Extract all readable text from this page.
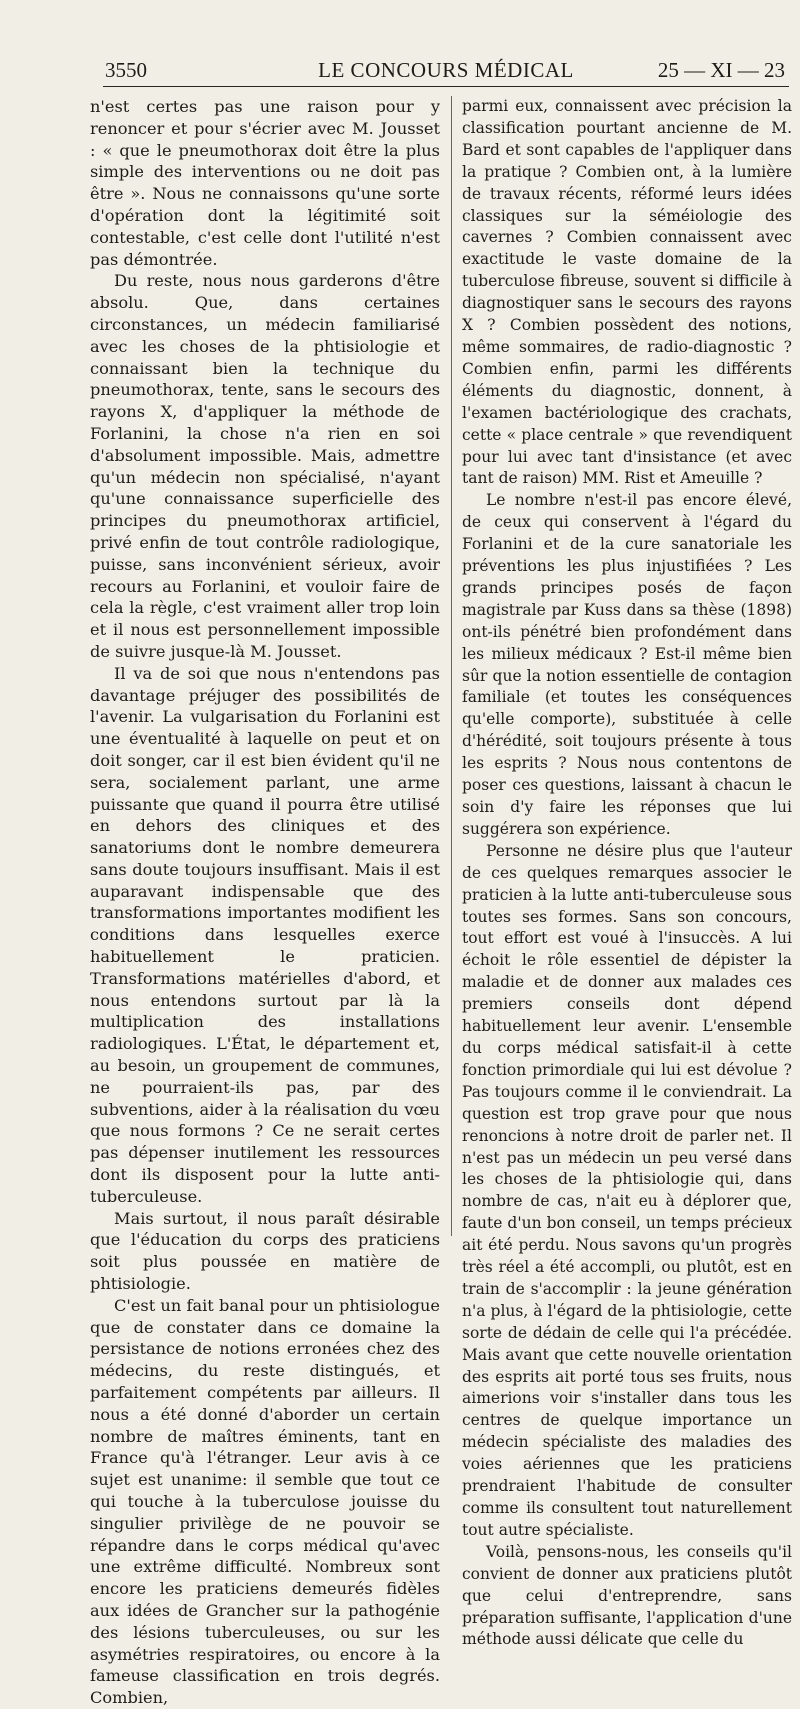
3550	LE CONCOURS MÉDICAL	25 — XI — 23

n'est certes pas une raison pour y renoncer et pour s'écrier avec M. Jousset : « que le pneumothorax doit être la plus simple des interventions ou ne doit pas être ». Nous ne connaissons qu'une sorte d'opération dont la légitimité soit contestable, c'est celle dont l'utilité n'est pas démontrée.

Du reste, nous nous garderons d'être absolu. Que, dans certaines circonstances, un médecin familiarisé avec les choses de la phtisiologie et connaissant bien la technique du pneumothorax, tente, sans le secours des rayons X, d'appliquer la méthode de Forlanini, la chose n'a rien en soi d'absolument impossible. Mais, admettre qu'un médecin non spécialisé, n'ayant qu'une connaissance superficielle des principes du pneumothorax artificiel, privé enfin de tout contrôle radiologique, puisse, sans inconvénient sérieux, avoir recours au Forlanini, et vouloir faire de cela la règle, c'est vraiment aller trop loin et il nous est personnellement impossible de suivre jusque-là M. Jousset.

Il va de soi que nous n'entendons pas davantage préjuger des possibilités de l'avenir. La vulgarisation du Forlanini est une éventualité à laquelle on peut et on doit songer, car il est bien évident qu'il ne sera, socialement parlant, une arme puissante que quand il pourra être utilisé en dehors des cliniques et des sanatoriums dont le nombre demeurera sans doute toujours insuffisant. Mais il est auparavant indispensable que des transformations importantes modifient les conditions dans lesquelles exerce habituellement le praticien. Transformations matérielles d'abord, et nous entendons surtout par là la multiplication des installations radiologiques. L'État, le département et, au besoin, un groupement de communes, ne pourraient-ils pas, par des subventions, aider à la réalisation du vœu que nous formons ? Ce ne serait certes pas dépenser inutilement les ressources dont ils disposent pour la lutte anti-tuberculeuse.

Mais surtout, il nous paraît désirable que l'éducation du corps des praticiens soit plus poussée en matière de phtisiologie.

C'est un fait banal pour un phtisiologue que de constater dans ce domaine la persistance de notions erronées chez des médecins, du reste distingués, et parfaitement compétents par ailleurs. Il nous a été donné d'aborder un certain nombre de maîtres éminents, tant en France qu'à l'étranger. Leur avis à ce sujet est unanime: il semble que tout ce qui touche à la tuberculose jouisse du singulier privilège de ne pouvoir se répandre dans le corps médical qu'avec une extrême difficulté. Nombreux sont encore les praticiens demeurés fidèles aux idées de Grancher sur la pathogénie des lésions tuberculeuses, ou sur les asymétries respiratoires, ou encore à la fameuse classification en trois degrés. Combien,

parmi eux, connaissent avec précision la classification pourtant ancienne de M. Bard et sont capables de l'appliquer dans la pratique ? Combien ont, à la lumière de travaux récents, réformé leurs idées classiques sur la séméiologie des cavernes ? Combien connaissent avec exactitude le vaste domaine de la tuberculose fibreuse, souvent si difficile à diagnostiquer sans le secours des rayons X ? Combien possèdent des notions, même sommaires, de radio-diagnostic ? Combien enfin, parmi les différents éléments du diagnostic, donnent, à l'examen bactériologique des crachats, cette « place centrale » que revendiquent pour lui avec tant d'insistance (et avec tant de raison) MM. Rist et Ameuille ?

Le nombre n'est-il pas encore élevé, de ceux qui conservent à l'égard du Forlanini et de la cure sanatoriale les préventions les plus injustifiées ? Les grands principes posés de façon magistrale par Kuss dans sa thèse (1898) ont-ils pénétré bien profondément dans les milieux médicaux ? Est-il même bien sûr que la notion essentielle de contagion familiale (et toutes les conséquences qu'elle comporte), substituée à celle d'hérédité, soit toujours présente à tous les esprits ? Nous nous contentons de poser ces questions, laissant à chacun le soin d'y faire les réponses que lui suggérera son expérience.

Personne ne désire plus que l'auteur de ces quelques remarques associer le praticien à la lutte anti-tuberculeuse sous toutes ses formes. Sans son concours, tout effort est voué à l'insuccès. A lui échoit le rôle essentiel de dépister la maladie et de donner aux malades ces premiers conseils dont dépend habituellement leur avenir. L'ensemble du corps médical satisfait-il à cette fonction primordiale qui lui est dévolue ? Pas toujours comme il le conviendrait. La question est trop grave pour que nous renoncions à notre droit de parler net. Il n'est pas un médecin un peu versé dans les choses de la phtisiologie qui, dans nombre de cas, n'ait eu à déplorer que, faute d'un bon conseil, un temps précieux ait été perdu. Nous savons qu'un progrès très réel a été accompli, ou plutôt, est en train de s'accomplir : la jeune génération n'a plus, à l'égard de la phtisiologie, cette sorte de dédain de celle qui l'a précédée. Mais avant que cette nouvelle orientation des esprits ait porté tous ses fruits, nous aimerions voir s'installer dans tous les centres de quelque importance un médecin spécialiste des maladies des voies aériennes que les praticiens prendraient l'habitude de consulter comme ils consultent tout naturellement tout autre spécialiste.

Voilà, pensons-nous, les conseils qu'il convient de donner aux praticiens plutôt que celui d'entreprendre, sans préparation suffisante, l'application d'une méthode aussi délicate que celle du
